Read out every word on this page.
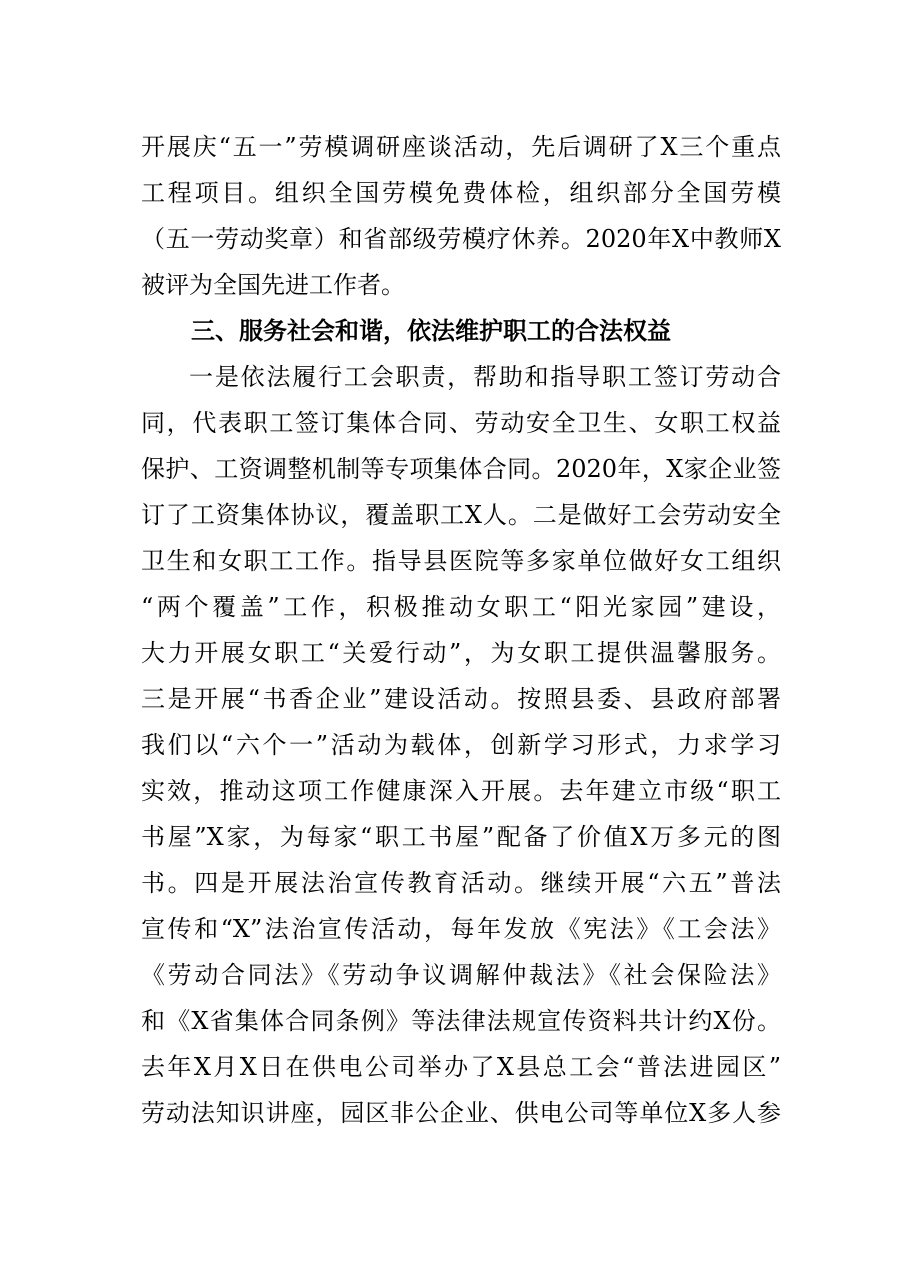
开展庆“五一”劳模调研座谈活动，先后调研了X三个重点
工程项目。组织全国劳模免费体检，组织部分全国劳模
（五一劳动奖章）和省部级劳模疗休养。2020年X中教师X
被评为全国先进工作者。
三、服务社会和谐，依法维护职工的合法权益
一是依法履行工会职责，帮助和指导职工签订劳动合
同，代表职工签订集体合同、劳动安全卫生、女职工权益
保护、工资调整机制等专项集体合同。2020年，X家企业签
订了工资集体协议，覆盖职工X人。二是做好工会劳动安全
卫生和女职工工作。指导县医院等多家单位做好女工组织
“两个覆盖”工作，积极推动女职工“阳光家园”建设，
大力开展女职工“关爱行动”，为女职工提供温馨服务。
三是开展“书香企业”建设活动。按照县委、县政府部署
我们以“六个一”活动为载体，创新学习形式，力求学习
实效，推动这项工作健康深入开展。去年建立市级“职工
书屋”X家，为每家“职工书屋”配备了价值X万多元的图
书。四是开展法治宣传教育活动。继续开展“六五”普法
宣传和“X”法治宣传活动，每年发放《宪法》《工会法》
《劳动合同法》《劳动争议调解仲裁法》《社会保险法》
和《X省集体合同条例》等法律法规宣传资料共计约X份。
去年X月X日在供电公司举办了X县总工会“普法进园区”
劳动法知识讲座，园区非公企业、供电公司等单位X多人参
